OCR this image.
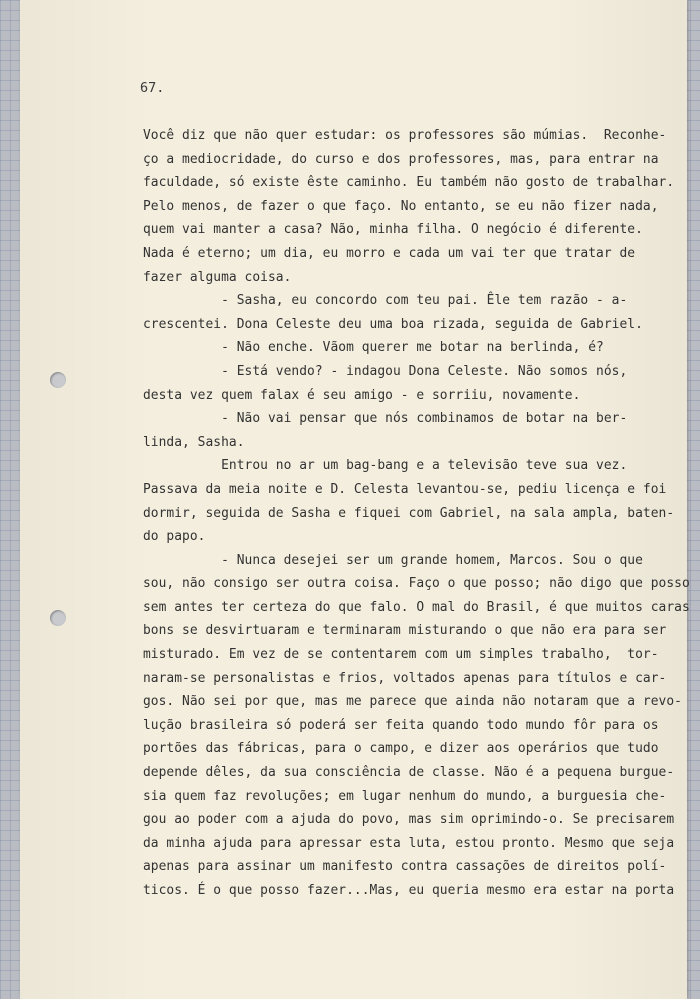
67.
Você diz que não quer estudar: os professores são múmias.  Reconhe-
ço a mediocridade, do curso e dos professores, mas, para entrar na
faculdade, só existe êste caminho. Eu também não gosto de trabalhar.
Pelo menos, de fazer o que faço. No entanto, se eu não fizer nada,
quem vai manter a casa? Não, minha filha. O negócio é diferente.
Nada é eterno; um dia, eu morro e cada um vai ter que tratar de
fazer alguma coisa.
- Sasha, eu concordo com teu pai. Êle tem razão - a-
crescentei. Dona Celeste deu uma boa rizada, seguida de Gabriel.
- Não enche. Vãom querer me botar na berlinda, é?
- Está vendo? - indagou Dona Celeste. Não somos nós,
desta vez quem falax é seu amigo - e sorriiu, novamente.
- Não vai pensar que nós combinamos de botar na ber-
linda, Sasha.
Entrou no ar um bag-bang e a televisão teve sua vez.
Passava da meia noite e D. Celesta levantou-se, pediu licença e foi
dormir, seguida de Sasha e fiquei com Gabriel, na sala ampla, baten-
do papo.
- Nunca desejei ser um grande homem, Marcos. Sou o que
sou, não consigo ser outra coisa. Faço o que posso; não digo que posso
sem antes ter certeza do que falo. O mal do Brasil, é que muitos caras
bons se desvirtuaram e terminaram misturando o que não era para ser
misturado. Em vez de se contentarem com um simples trabalho,  tor-
naram-se personalistas e frios, voltados apenas para títulos e car-
gos. Não sei por que, mas me parece que ainda não notaram que a revo-
lução brasileira só poderá ser feita quando todo mundo fôr para os
portões das fábricas, para o campo, e dizer aos operários que tudo
depende dêles, da sua consciência de classe. Não é a pequena burgue-
sia quem faz revoluções; em lugar nenhum do mundo, a burguesia che-
gou ao poder com a ajuda do povo, mas sim oprimindo-o. Se precisarem
da minha ajuda para apressar esta luta, estou pronto. Mesmo que seja
apenas para assinar um manifesto contra cassações de direitos polí-
ticos. É o que posso fazer...Mas, eu queria mesmo era estar na porta
